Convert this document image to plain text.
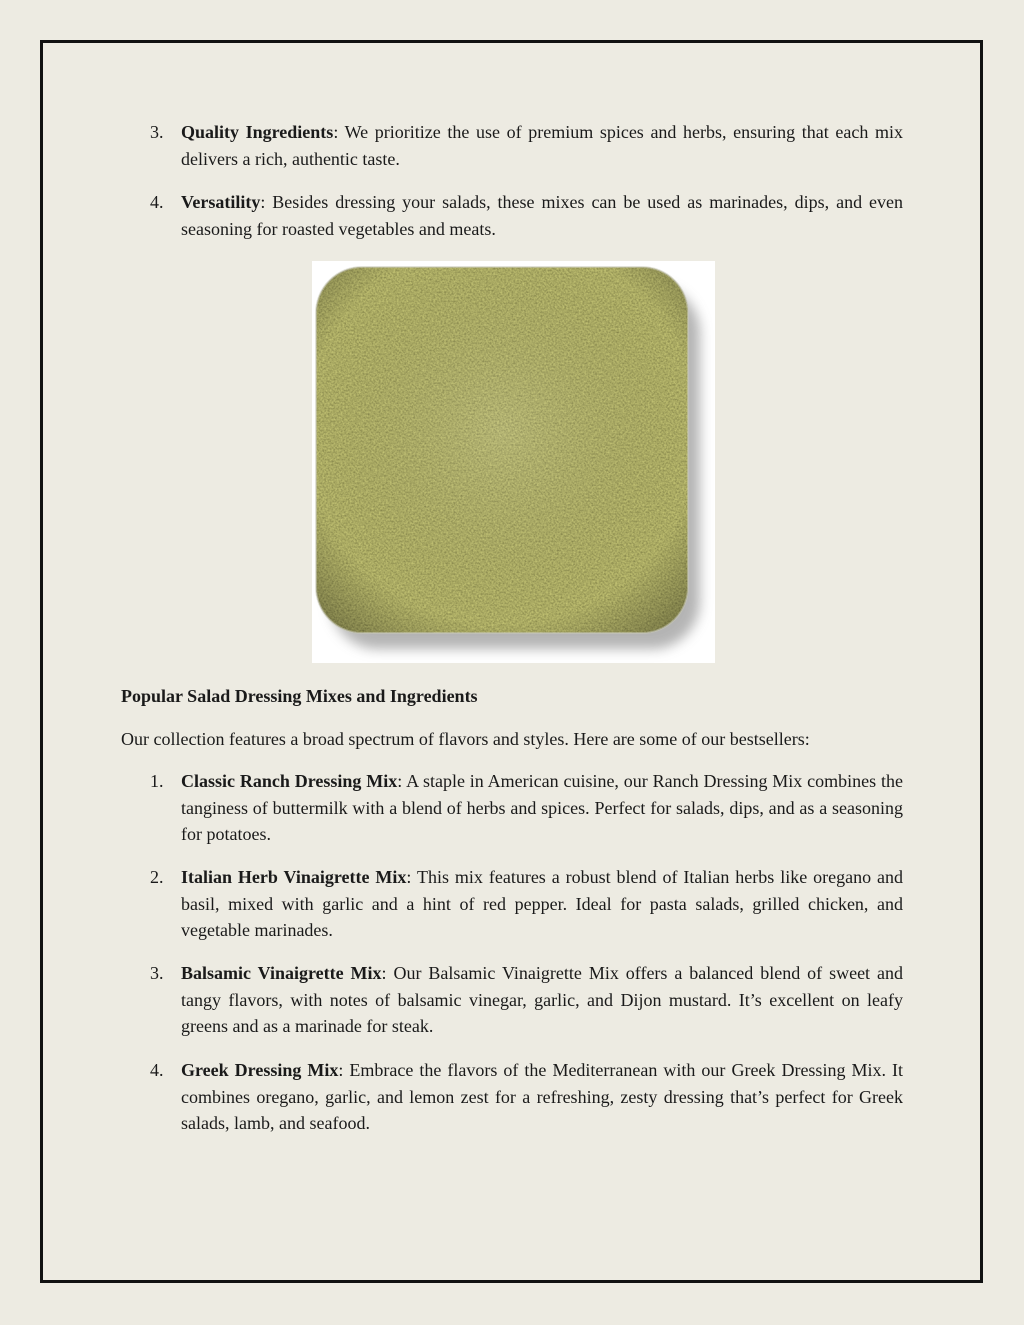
3. Quality Ingredients: We prioritize the use of premium spices and herbs, ensuring that each mix delivers a rich, authentic taste.
4. Versatility: Besides dressing your salads, these mixes can be used as marinades, dips, and even seasoning for roasted vegetables and meats.
Popular Salad Dressing Mixes and Ingredients

Our collection features a broad spectrum of flavors and styles. Here are some of our bestsellers:

1. Classic Ranch Dressing Mix: A staple in American cuisine, our Ranch Dressing Mix combines the tanginess of buttermilk with a blend of herbs and spices. Perfect for salads, dips, and as a seasoning for potatoes.
2. Italian Herb Vinaigrette Mix: This mix features a robust blend of Italian herbs like oregano and basil, mixed with garlic and a hint of red pepper. Ideal for pasta salads, grilled chicken, and vegetable marinades.
3. Balsamic Vinaigrette Mix: Our Balsamic Vinaigrette Mix offers a balanced blend of sweet and tangy flavors, with notes of balsamic vinegar, garlic, and Dijon mustard. It’s excellent on leafy greens and as a marinade for steak.
4. Greek Dressing Mix: Embrace the flavors of the Mediterranean with our Greek Dressing Mix. It combines oregano, garlic, and lemon zest for a refreshing, zesty dressing that’s perfect for Greek salads, lamb, and seafood.
